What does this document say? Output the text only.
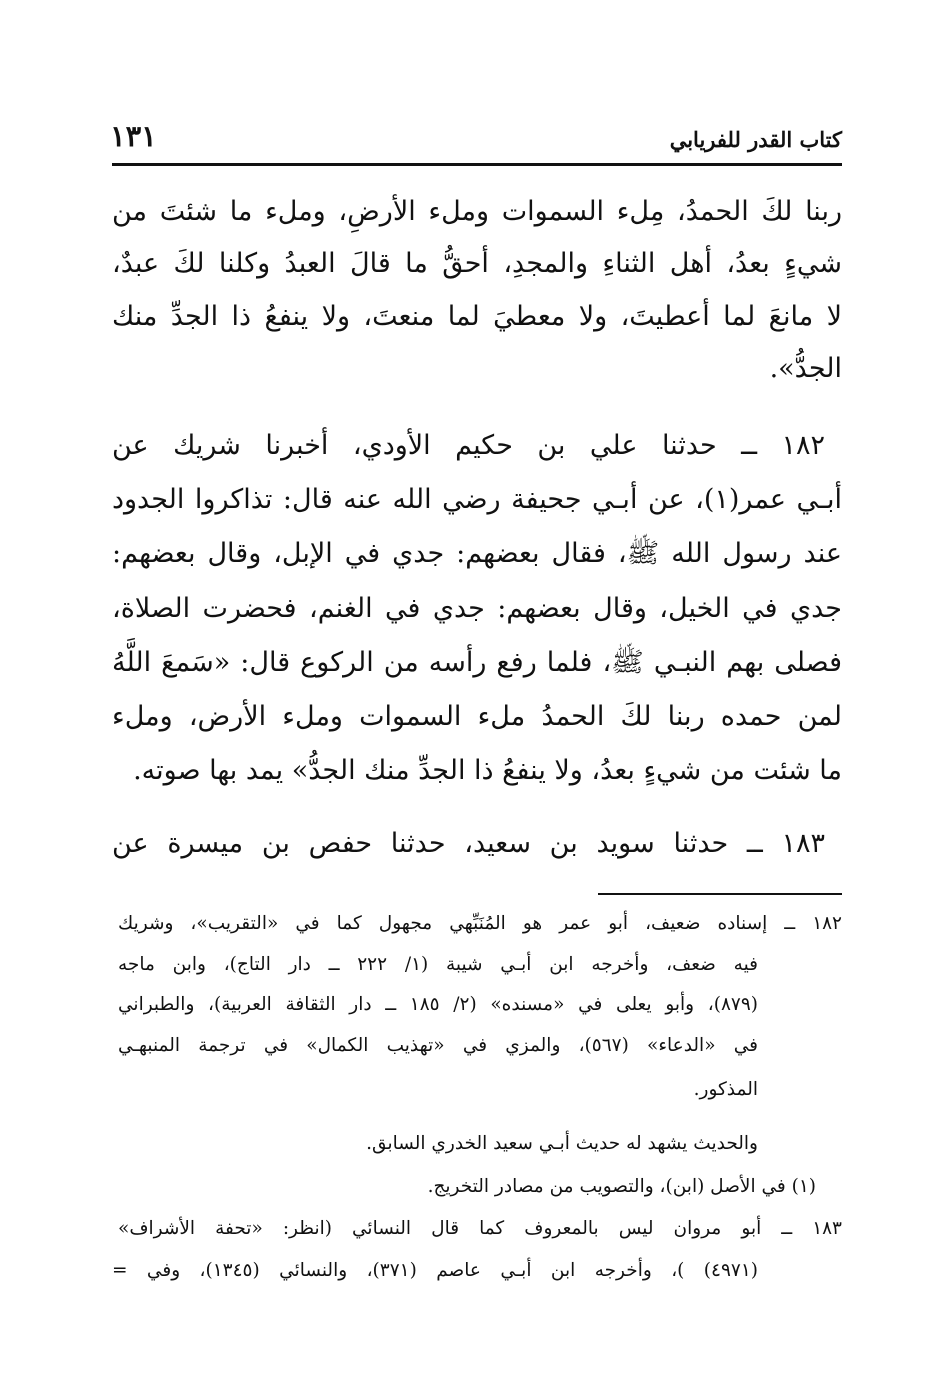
كتاب القدر للفريابي
١٣١
ربنا لكَ الحمدُ، مِلء السموات وملء الأرضِ، وملء ما شئتَ من
شيءٍ بعدُ، أهل الثناءِ والمجدِ، أحقُّ ما قالَ العبدُ وكلنا لكَ عبدٌ،
لا مانعَ لما أعطيتَ، ولا معطيَ لما منعتَ، ولا ينفعُ ذا الجدِّ منك
الجدُّ».
١٨٢ ــ حدثنا علي بن حكيم الأودي، أخبرنا شريك عن
أبـي عمر(١)، عن أبـي جحيفة رضي الله عنه قال: تذاكروا الجدود
عند رسول الله ﷺ، فقال بعضهم: جدي في الإبل، وقال بعضهم:
جدي في الخيل، وقال بعضهم: جدي في الغنم، فحضرت الصلاة،
فصلى بهم النبـي ﷺ، فلما رفع رأسه من الركوع قال: «سَمعَ اللَّهُ
لمن حمده ربنا لكَ الحمدُ ملء السموات وملء الأرض، وملء
ما شئت من شيءٍ بعدُ، ولا ينفعُ ذا الجدِّ منك الجدُّ» يمد بها صوته.
١٨٣ ــ حدثنا سويد بن سعيد، حدثنا حفص بن ميسرة عن
١٨٢ ــ إسناده ضعيف، أبو عمر هو المُنَبِّهي مجهول كما في «التقريب»، وشريك
فيه ضعف، وأخرجه ابن أبـي شيبة (١/ ٢٢٢ ــ دار التاج)، وابن ماجه
(٨٧٩)، وأبو يعلى في «مسنده» (٢/ ١٨٥ ــ دار الثقافة العربية)، والطبراني
في «الدعاء» (٥٦٧)، والمزي في «تهذيب الكمال» في ترجمة المنبهـي
المذكور.
والحديث يشهد له حديث أبـي سعيد الخدري السابق.
(١) في الأصل (ابن)، والتصويب من مصادر التخريج.
١٨٣ ــ أبو مروان ليس بالمعروف كما قال النسائي (انظر: «تحفة الأشراف»
(٤٩٧١) )، وأخرجه ابن أبـي عاصم (٣٧١)، والنسائي (١٣٤٥)، وفي =
